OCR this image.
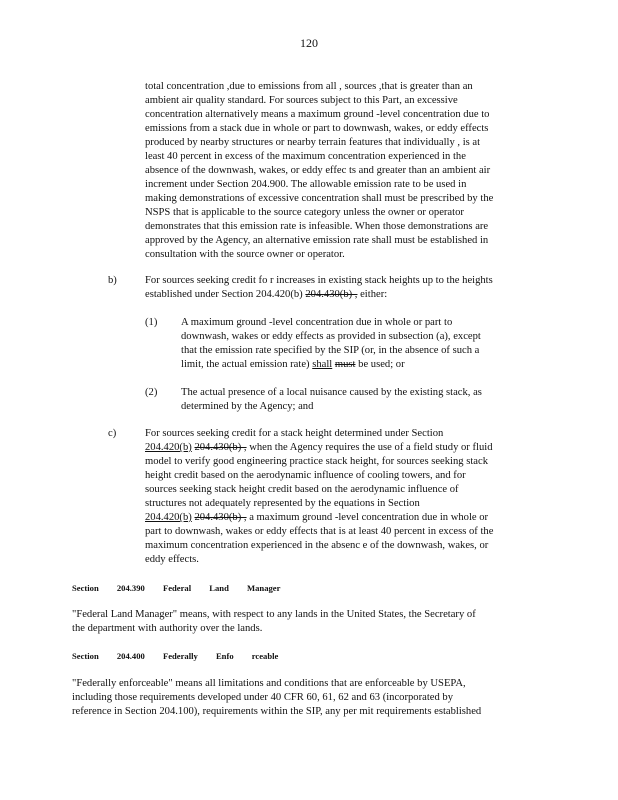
120
total concentration ,due to emissions from all , sources ,that is greater than an
ambient air quality standard. For sources subject to this Part, an excessive
concentration alternatively means a maximum ground -level concentration due to
emissions from a stack due in whole or part to downwash, wakes, or eddy effects
produced by nearby structures or nearby terrain features that individually , is at
least 40 percent in excess of the maximum concentration experienced in the
absence of the downwash, wakes, or eddy effec ts and greater than an ambient air
increment under Section 204.900. The allowable emission rate to be used in
making demonstrations of excessive concentration shall must be prescribed by the
NSPS that is applicable to the source category unless the owner or operator
demonstrates that this emission rate is infeasible. When those demonstrations are
approved by the Agency, an alternative emission rate shall must be established in
consultation with the source owner or operator.
b)	For sources seeking credit fo r increases in existing stack heights up to the heights
established under Section 204.420(b) 204.430(b) , either:
(1) A maximum ground -level concentration due in whole or part to
downwash, wakes or eddy effects as provided in subsection (a), except
that the emission rate specified by the SIP (or, in the absence of such a
limit, the actual emission rate) shall must be used; or
(2) The actual presence of a local nuisance caused by the existing stack, as
determined by the Agency; and
c)	For sources seeking credit for a stack height determined under Section
204.420(b) 204.430(b) , when the Agency requires the use of a field study or fluid
model to verify good engineering practice stack height, for sources seeking stack
height credit based on the aerodynamic influence of cooling towers, and for
sources seeking stack height credit based on the aerodynamic influence of
structures not adequately represented by the equations in Section
204.420(b) 204.430(b) , a maximum ground -level concentration due in whole or
part to downwash, wakes or eddy effects that is at least 40 percent in excess of the
maximum concentration experienced in the absenc e of the downwash, wakes, or
eddy effects.
Section 204.390 Federal Land Manager
"Federal Land Manager" means, with respect to any lands in the United States, the Secretary of
the department with authority over the lands.
Section 204.400 Federally Enfo rceable
"Federally enforceable" means all limitations and conditions that are enforceable by USEPA,
including those requirements developed under 40 CFR 60, 61, 62 and 63 (incorporated by
reference in Section 204.100), requirements within the SIP, any per mit requirements established
